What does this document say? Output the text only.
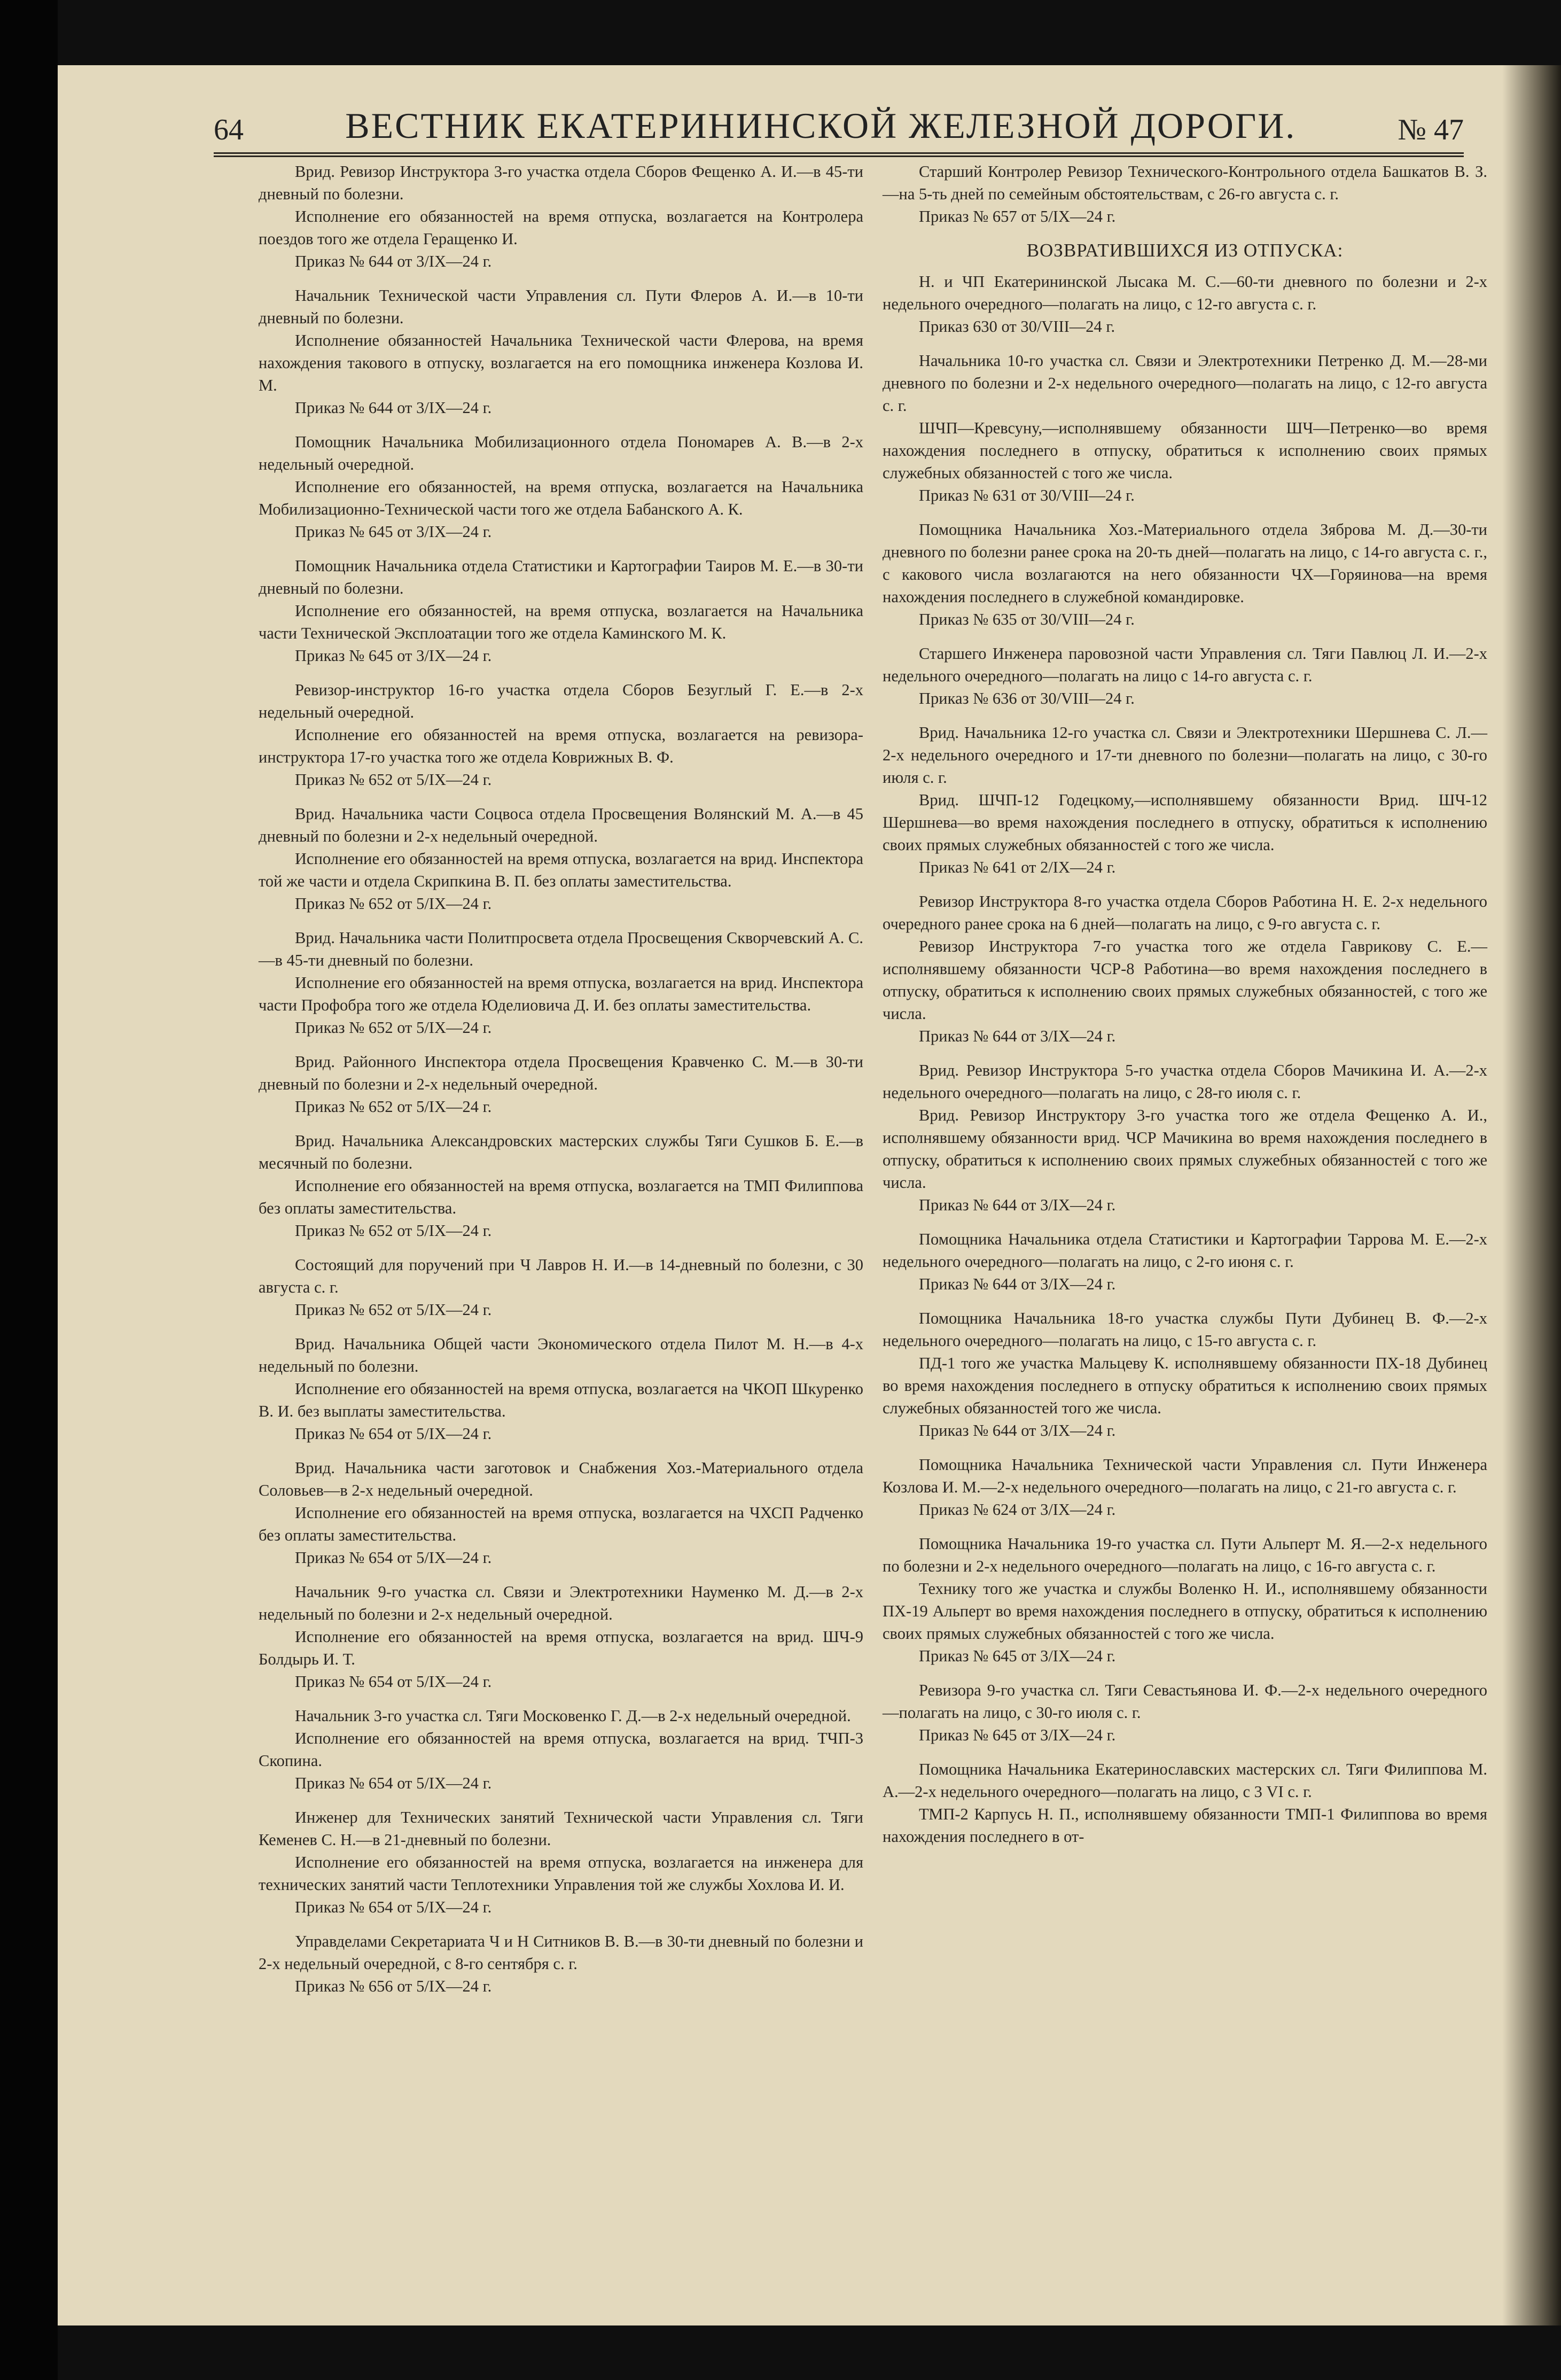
64	ВЕСТНИК ЕКАТЕРИНИНСКОЙ ЖЕЛЕЗНОЙ ДОРОГИ.	№ 47

Врид. Ревизор Инструктора 3-го участка отдела Сборов Фещенко А. И.—в 45-ти дневный по болезни.

Исполнение его обязанностей на время отпуска, возлагается на Контролера поездов того же отдела Геращенко И.

Приказ № 644 от 3/IX—24 г.

Начальник Технической части Управления сл. Пути Флеров А. И.—в 10-ти дневный по болезни.

Исполнение обязанностей Начальника Технической части Флерова, на время нахождения такового в отпуску, возлагается на его помощника инженера Козлова И. М.

Приказ № 644 от 3/IX—24 г.

Помощник Начальника Мобилизационного отдела Пономарев А. В.—в 2-х недельный очередной.

Исполнение его обязанностей, на время отпуска, возлагается на Начальника Мобилизационно-Технической части того же отдела Бабанского А. К.

Приказ № 645 от 3/IX—24 г.

Помощник Начальника отдела Статистики и Картографии Таиров М. Е.—в 30-ти дневный по болезни.

Исполнение его обязанностей, на время отпуска, возлагается на Начальника части Технической Эксплоатации того же отдела Каминского М. К.

Приказ № 645 от 3/IX—24 г.

Ревизор-инструктор 16-го участка отдела Сборов Безуглый Г. Е.—в 2-х недельный очередной.

Исполнение его обязанностей на время отпуска, возлагается на ревизора-инструктора 17-го участка того же отдела Коврижных В. Ф.

Приказ № 652 от 5/IX—24 г.

Врид. Начальника части Соцвоса отдела Просвещения Волянский М. А.—в 45 дневный по болезни и 2-х недельный очередной.

Исполнение его обязанностей на время отпуска, возлагается на врид. Инспектора той же части и отдела Скрипкина В. П. без оплаты заместительства.

Приказ № 652 от 5/IX—24 г.

Врид. Начальника части Политпросвета отдела Просвещения Скворчевский А. С.—в 45-ти дневный по болезни.

Исполнение его обязанностей на время отпуска, возлагается на врид. Инспектора части Профобра того же отдела Юделиовича Д. И. без оплаты заместительства.

Приказ № 652 от 5/IX—24 г.

Врид. Районного Инспектора отдела Просвещения Кравченко С. М.—в 30-ти дневный по болезни и 2-х недельный очередной.

Приказ № 652 от 5/IX—24 г.

Врид. Начальника Александровских мастерских службы Тяги Сушков Б. Е.—в месячный по болезни.

Исполнение его обязанностей на время отпуска, возлагается на ТМП Филиппова без оплаты заместительства.

Приказ № 652 от 5/IX—24 г.

Состоящий для поручений при Ч Лавров Н. И.—в 14-дневный по болезни, с 30 августа с. г.

Приказ № 652 от 5/IX—24 г.

Врид. Начальника Общей части Экономического отдела Пилот М. Н.—в 4-х недельный по болезни.

Исполнение его обязанностей на время отпуска, возлагается на ЧКОП Шкуренко В. И. без выплаты заместительства.

Приказ № 654 от 5/IX—24 г.

Врид. Начальника части заготовок и Снабжения Хоз.-Материального отдела Соловьев—в 2-х недельный очередной.

Исполнение его обязанностей на время отпуска, возлагается на ЧХСП Радченко без оплаты заместительства.

Приказ № 654 от 5/IX—24 г.

Начальник 9-го участка сл. Связи и Электротехники Науменко М. Д.—в 2-х недельный по болезни и 2-х недельный очередной.

Исполнение его обязанностей на время отпуска, возлагается на врид. ШЧ-9 Болдырь И. Т.

Приказ № 654 от 5/IX—24 г.

Начальник 3-го участка сл. Тяги Московенко Г. Д.—в 2-х недельный очередной.

Исполнение его обязанностей на время отпуска, возлагается на врид. ТЧП-3 Скопина.

Приказ № 654 от 5/IX—24 г.

Инженер для Технических занятий Технической части Управления сл. Тяги Кеменев С. Н.—в 21-дневный по болезни.

Исполнение его обязанностей на время отпуска, возлагается на инженера для технических занятий части Теплотехники Управления той же службы Хохлова И. И.

Приказ № 654 от 5/IX—24 г.

Управделами Секретариата Ч и Н Ситников В. В.—в 30-ти дневный по болезни и 2-х недельный очередной, с 8-го сентября с. г.

Приказ № 656 от 5/IX—24 г.

Старший Контролер Ревизор Технического-Контрольного отдела Башкатов В. З.—на 5-ть дней по семейным обстоятельствам, с 26-го августа с. г.

Приказ № 657 от 5/IX—24 г.

ВОЗВРАТИВШИХСЯ ИЗ ОТПУСКА:

Н. и ЧП Екатерининской Лысака М. С.—60-ти дневного по болезни и 2-х недельного очередного—полагать на лицо, с 12-го августа с. г.

Приказ 630 от 30/VIII—24 г.

Начальника 10-го участка сл. Связи и Электротехники Петренко Д. М.—28-ми дневного по болезни и 2-х недельного очередного—полагать на лицо, с 12-го августа с. г.

ШЧП—Кревсуну,—исполнявшему обязанности ШЧ—Петренко—во время нахождения последнего в отпуску, обратиться к исполнению своих прямых служебных обязанностей с того же числа.

Приказ № 631 от 30/VIII—24 г.

Помощника Начальника Хоз.-Материального отдела Зяброва М. Д.—30-ти дневного по болезни ранее срока на 20-ть дней—полагать на лицо, с 14-го августа с. г., с какового числа возлагаются на него обязанности ЧХ—Горяинова—на время нахождения последнего в служебной командировке.

Приказ № 635 от 30/VIII—24 г.

Старшего Инженера паровозной части Управления сл. Тяги Павлюц Л. И.—2-х недельного очередного—полагать на лицо с 14-го августа с. г.

Приказ № 636 от 30/VIII—24 г.

Врид. Начальника 12-го участка сл. Связи и Электротехники Шершнева С. Л.—2-х недельного очередного и 17-ти дневного по болезни—полагать на лицо, с 30-го июля с. г.

Врид. ШЧП-12 Годецкому,—исполнявшему обязанности Врид. ШЧ-12 Шершнева—во время нахождения последнего в отпуску, обратиться к исполнению своих прямых служебных обязанностей с того же числа.

Приказ № 641 от 2/IX—24 г.

Ревизор Инструктора 8-го участка отдела Сборов Работина Н. Е. 2-х недельного очередного ранее срока на 6 дней—полагать на лицо, с 9-го августа с. г.

Ревизор Инструктора 7-го участка того же отдела Гаврикову С. Е.—исполнявшему обязанности ЧСР-8 Работина—во время нахождения последнего в отпуску, обратиться к исполнению своих прямых служебных обязанностей, с того же числа.

Приказ № 644 от 3/IX—24 г.

Врид. Ревизор Инструктора 5-го участка отдела Сборов Мачикина И. А.—2-х недельного очередного—полагать на лицо, с 28-го июля с. г.

Врид. Ревизор Инструктору 3-го участка того же отдела Фещенко А. И., исполнявшему обязанности врид. ЧСР Мачикина во время нахождения последнего в отпуску, обратиться к исполнению своих прямых служебных обязанностей с того же числа.

Приказ № 644 от 3/IX—24 г.

Помощника Начальника отдела Статистики и Картографии Таррова М. Е.—2-х недельного очередного—полагать на лицо, с 2-го июня с. г.

Приказ № 644 от 3/IX—24 г.

Помощника Начальника 18-го участка службы Пути Дубинец В. Ф.—2-х недельного очередного—полагать на лицо, с 15-го августа с. г.

ПД-1 того же участка Мальцеву К. исполнявшему обязанности ПХ-18 Дубинец во время нахождения последнего в отпуску обратиться к исполнению своих прямых служебных обязанностей того же числа.

Приказ № 644 от 3/IX—24 г.

Помощника Начальника Технической части Управления сл. Пути Инженера Козлова И. М.—2-х недельного очередного—полагать на лицо, с 21-го августа с. г.

Приказ № 624 от 3/IX—24 г.

Помощника Начальника 19-го участка сл. Пути Альперт М. Я.—2-х недельного по болезни и 2-х недельного очередного—полагать на лицо, с 16-го августа с. г.

Технику того же участка и службы Воленко Н. И., исполнявшему обязанности ПХ-19 Альперт во время нахождения последнего в отпуску, обратиться к исполнению своих прямых служебных обязанностей с того же числа.

Приказ № 645 от 3/IX—24 г.

Ревизора 9-го участка сл. Тяги Севастьянова И. Ф.—2-х недельного очередного—полагать на лицо, с 30-го июля с. г.

Приказ № 645 от 3/IX—24 г.

Помощника Начальника Екатеринославских мастерских сл. Тяги Филиппова М. А.—2-х недельного очередного—полагать на лицо, с 3 VI с. г.

ТМП-2 Карпусь Н. П., исполнявшему обязанности ТМП-1 Филиппова во время нахождения последнего в от-
